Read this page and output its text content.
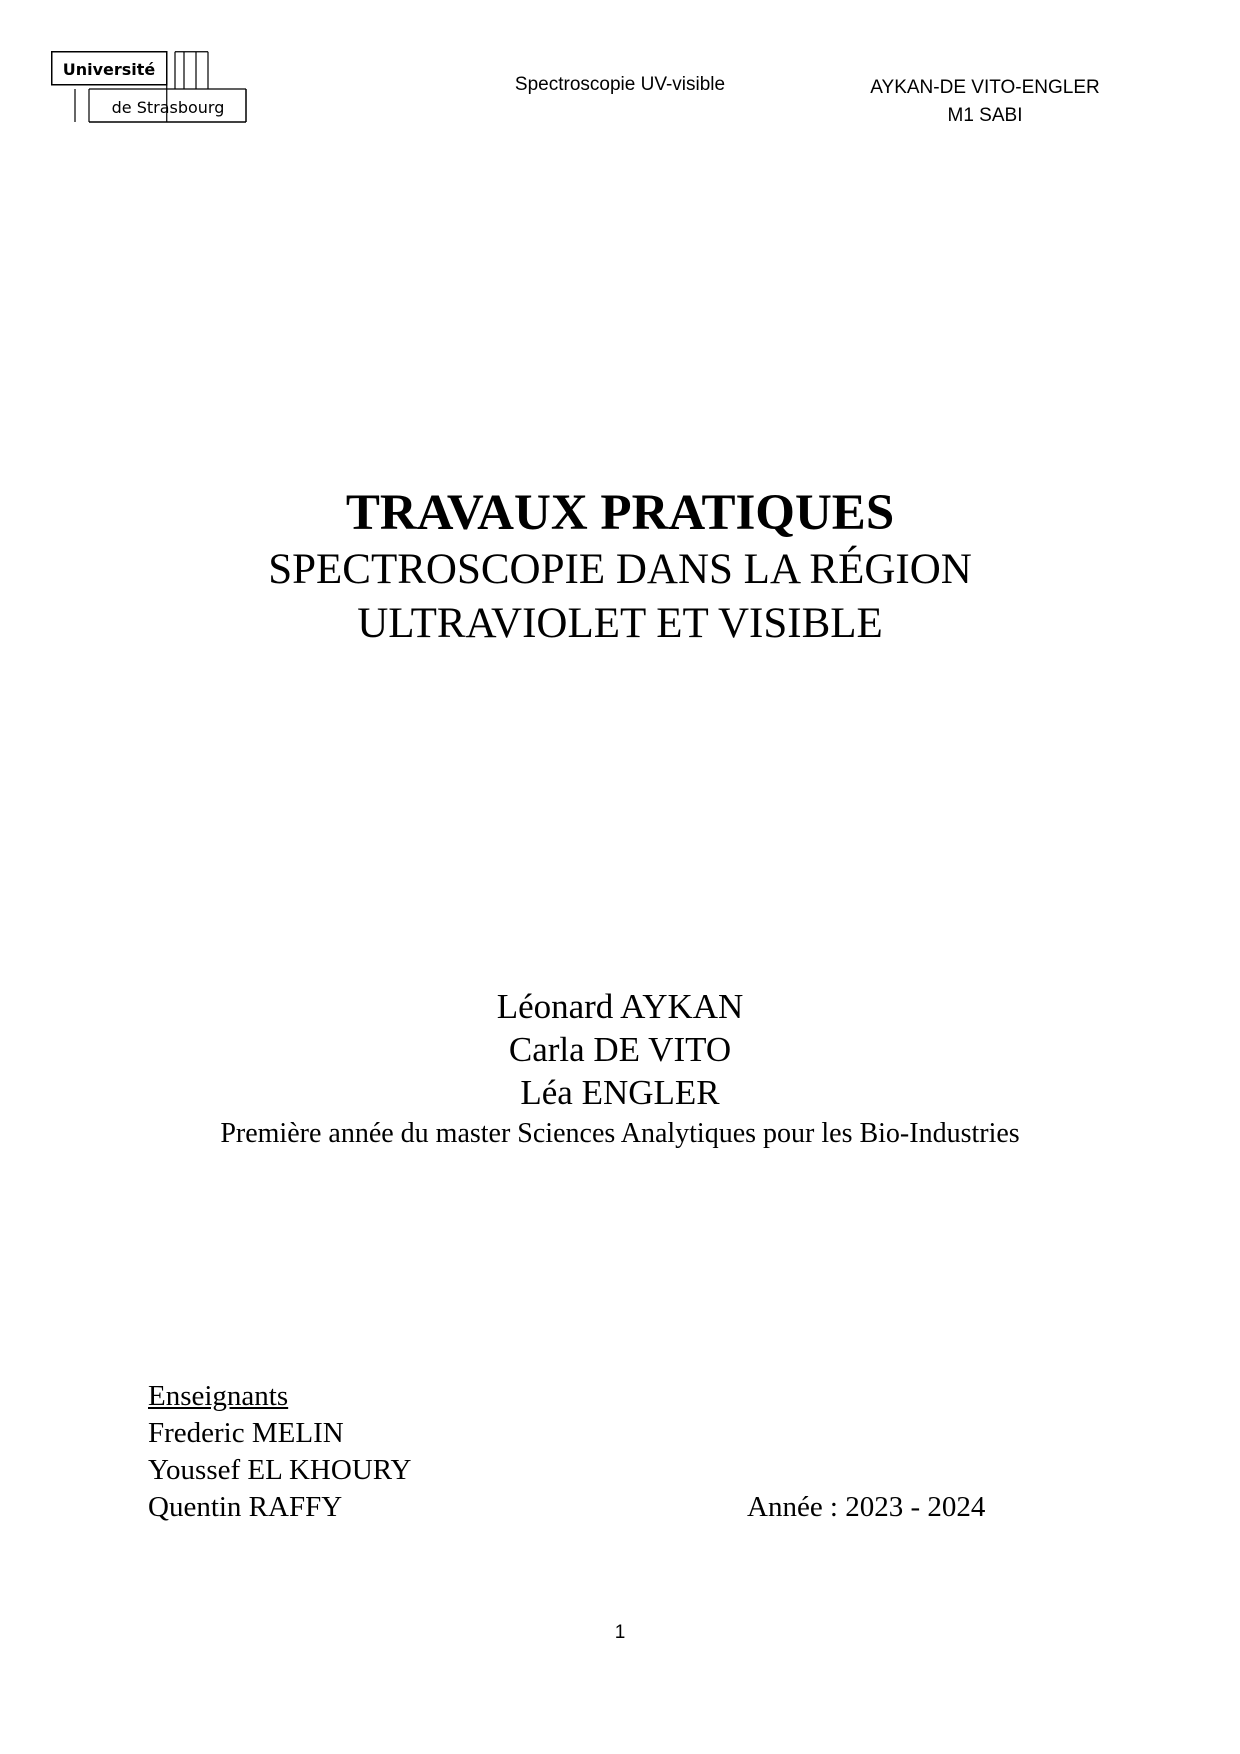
Université
de Strasbourg
Spectroscopie UV-visible	AYKAN-DE VITO-ENGLER
M1 SABI
TRAVAUX PRATIQUES
SPECTROSCOPIE DANS LA RÉGION
ULTRAVIOLET ET VISIBLE
Léonard AYKAN
Carla DE VITO
Léa ENGLER
Première année du master Sciences Analytiques pour les Bio-Industries
Enseignants
Frederic MELIN
Youssef EL KHOURY
Quentin RAFFY	Année : 2023 - 2024
1
